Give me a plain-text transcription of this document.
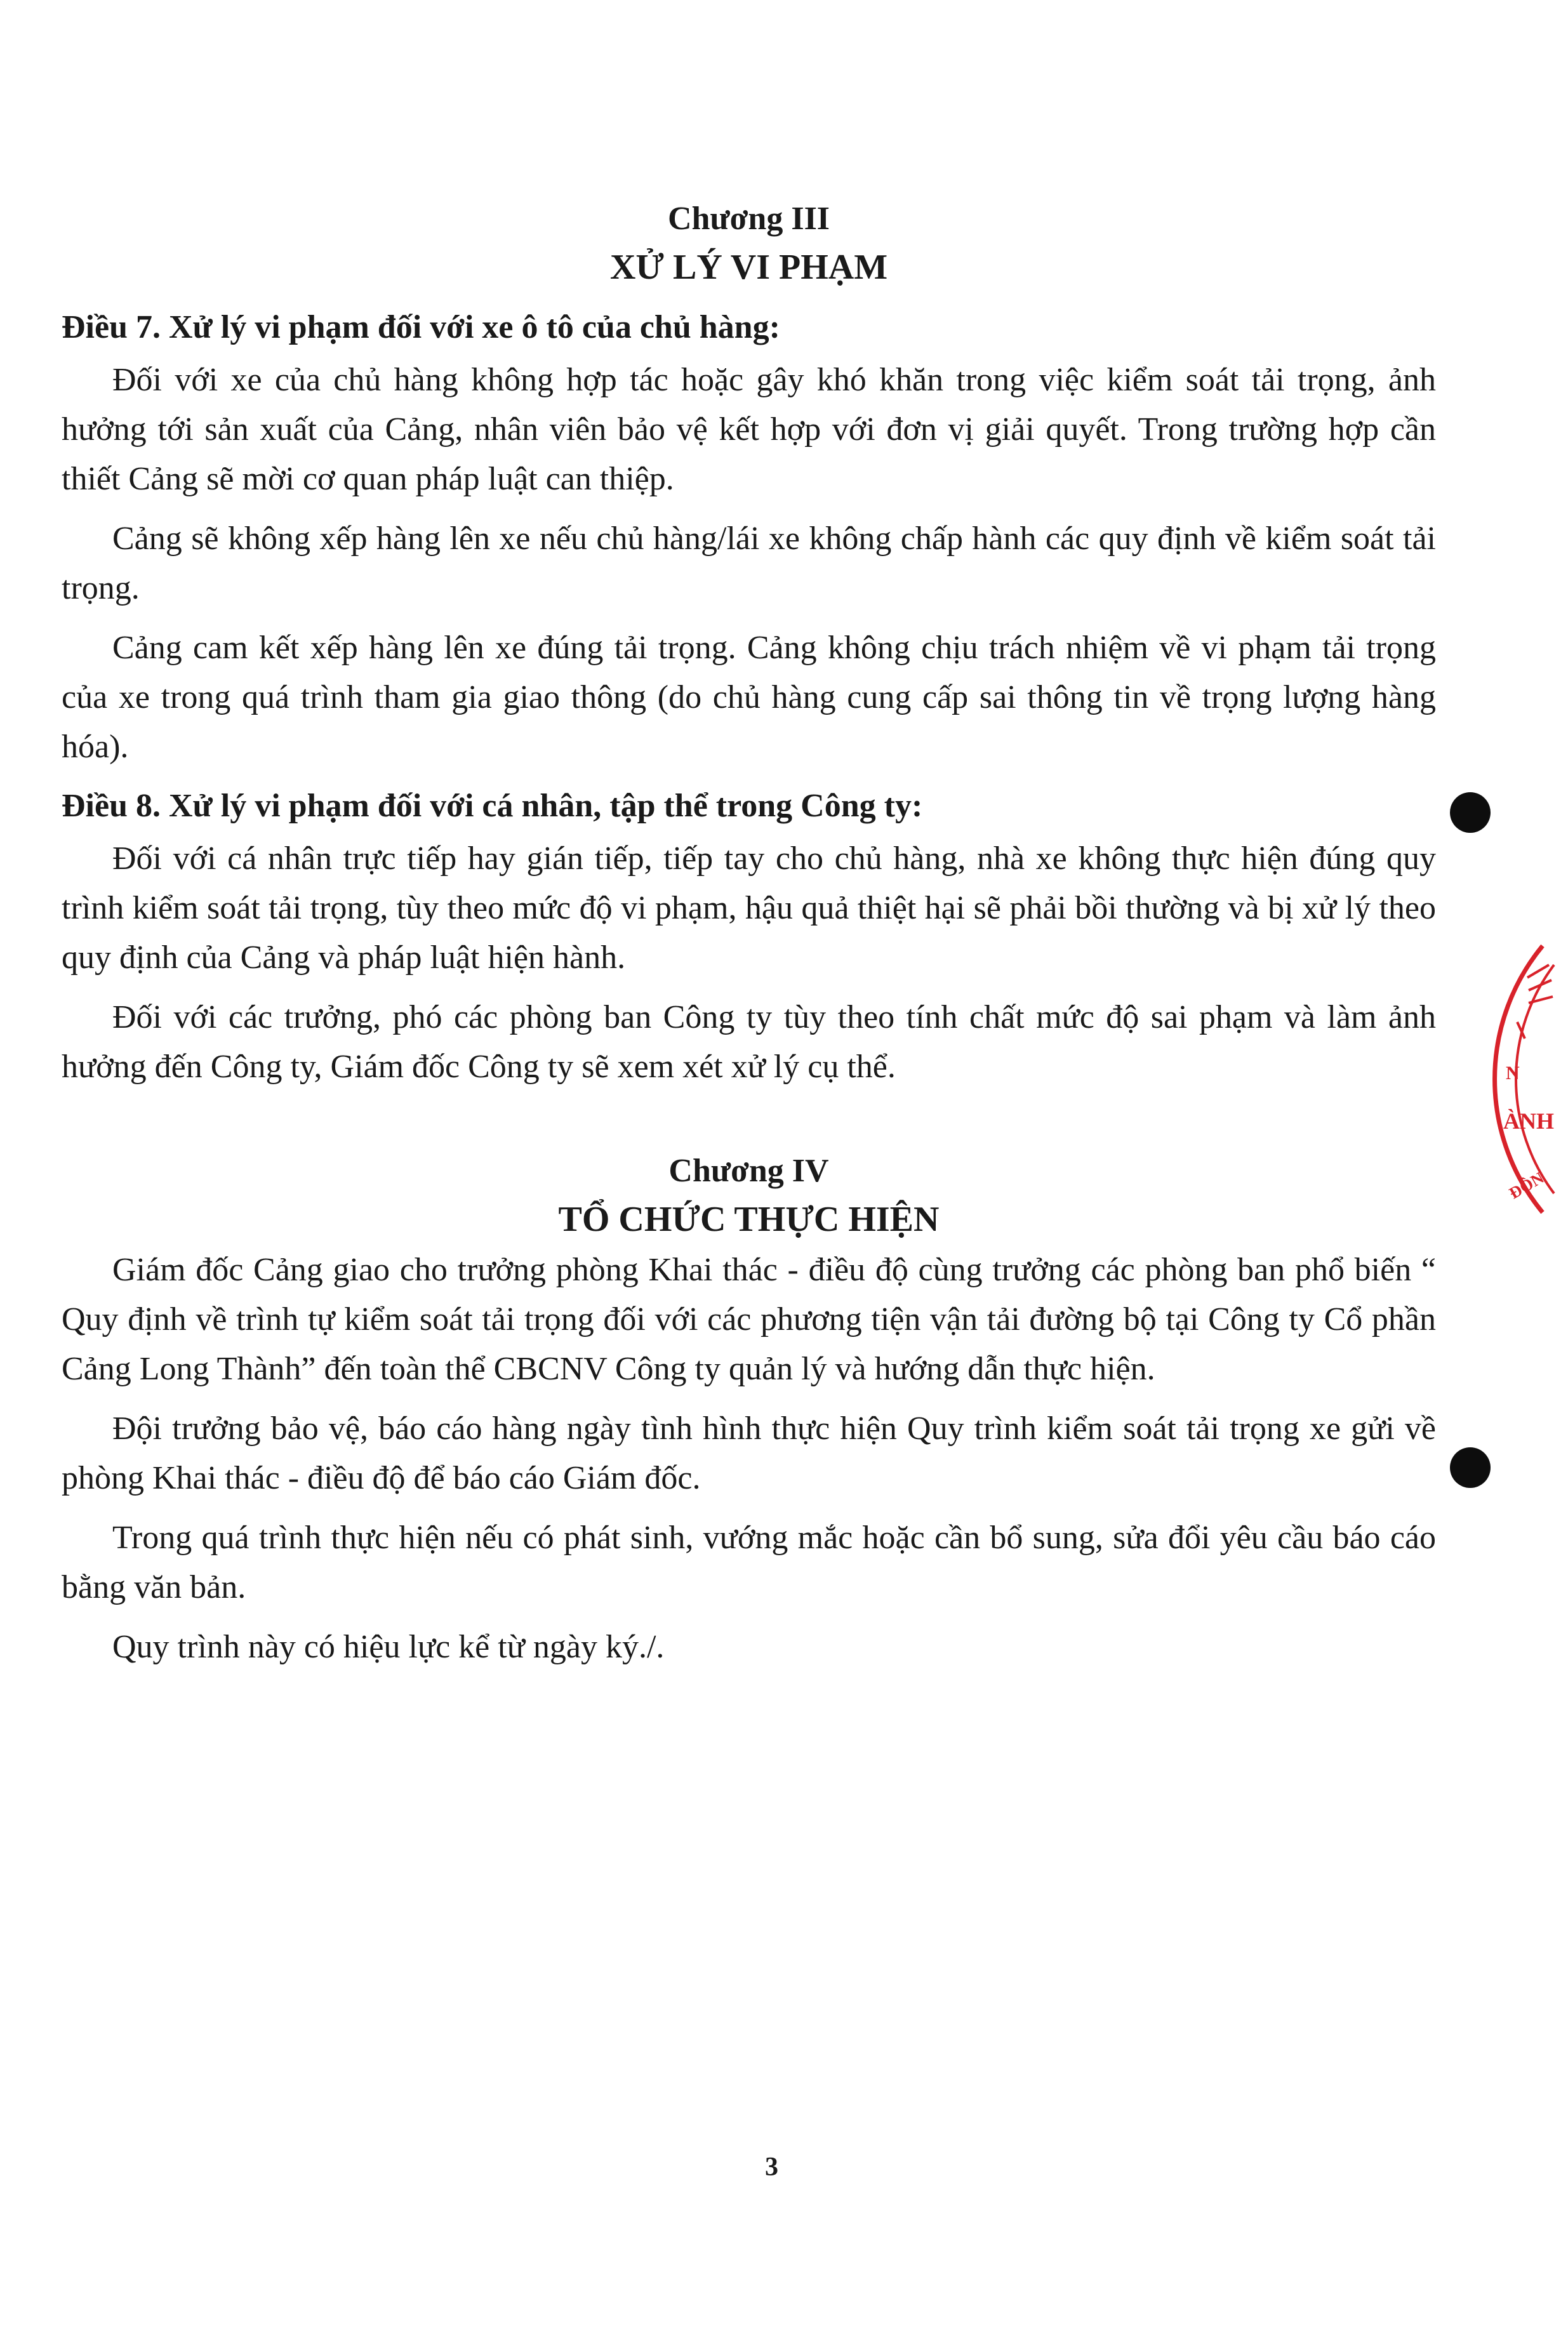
Chương III

XỬ LÝ VI PHẠM

Điều 7. Xử lý vi phạm đối với xe ô tô của chủ hàng:

Đối với xe của chủ hàng không hợp tác hoặc gây khó khăn trong việc kiểm soát tải trọng, ảnh hưởng tới sản xuất của Cảng, nhân viên bảo vệ kết hợp với đơn vị giải quyết. Trong trường hợp cần thiết Cảng sẽ mời cơ quan pháp luật can thiệp.

Cảng sẽ không xếp hàng lên xe nếu chủ hàng/lái xe không chấp hành các quy định về kiểm soát tải trọng.

Cảng cam kết xếp hàng lên xe đúng tải trọng. Cảng không chịu trách nhiệm về vi phạm tải trọng của xe trong quá trình tham gia giao thông (do chủ hàng cung cấp sai thông tin về trọng lượng hàng hóa).

Điều 8. Xử lý vi phạm đối với cá nhân, tập thể trong Công ty:

Đối với cá nhân trực tiếp hay gián tiếp, tiếp tay cho chủ hàng, nhà xe không thực hiện đúng quy trình kiểm soát tải trọng, tùy theo mức độ vi phạm, hậu quả thiệt hại sẽ phải bồi thường và bị xử lý theo quy định của Cảng và pháp luật hiện hành.

Đối với các trưởng, phó các phòng ban Công ty tùy theo tính chất mức độ sai phạm và làm ảnh hưởng đến Công ty, Giám đốc Công ty sẽ xem xét xử lý cụ thể.

Chương IV

TỔ CHỨC THỰC HIỆN

Giám đốc Cảng giao cho trưởng phòng Khai thác - điều độ cùng trưởng các phòng ban phổ biến “ Quy định về trình tự kiểm soát tải trọng đối với các phương tiện vận tải đường bộ tại Công ty Cổ phần Cảng Long Thành” đến toàn thể CBCNV Công ty quản lý và hướng dẫn thực hiện.

Đội trưởng bảo vệ, báo cáo hàng ngày tình hình thực hiện Quy trình kiểm soát tải trọng xe gửi về phòng Khai thác - điều độ để báo cáo Giám đốc.

Trong quá trình thực hiện nếu có phát sinh, vướng mắc hoặc cần bổ sung, sửa đổi yêu cầu báo cáo bằng văn bản.

Quy trình này có hiệu lực kể từ ngày ký./.

3
N
ÀNH
ĐÔN
